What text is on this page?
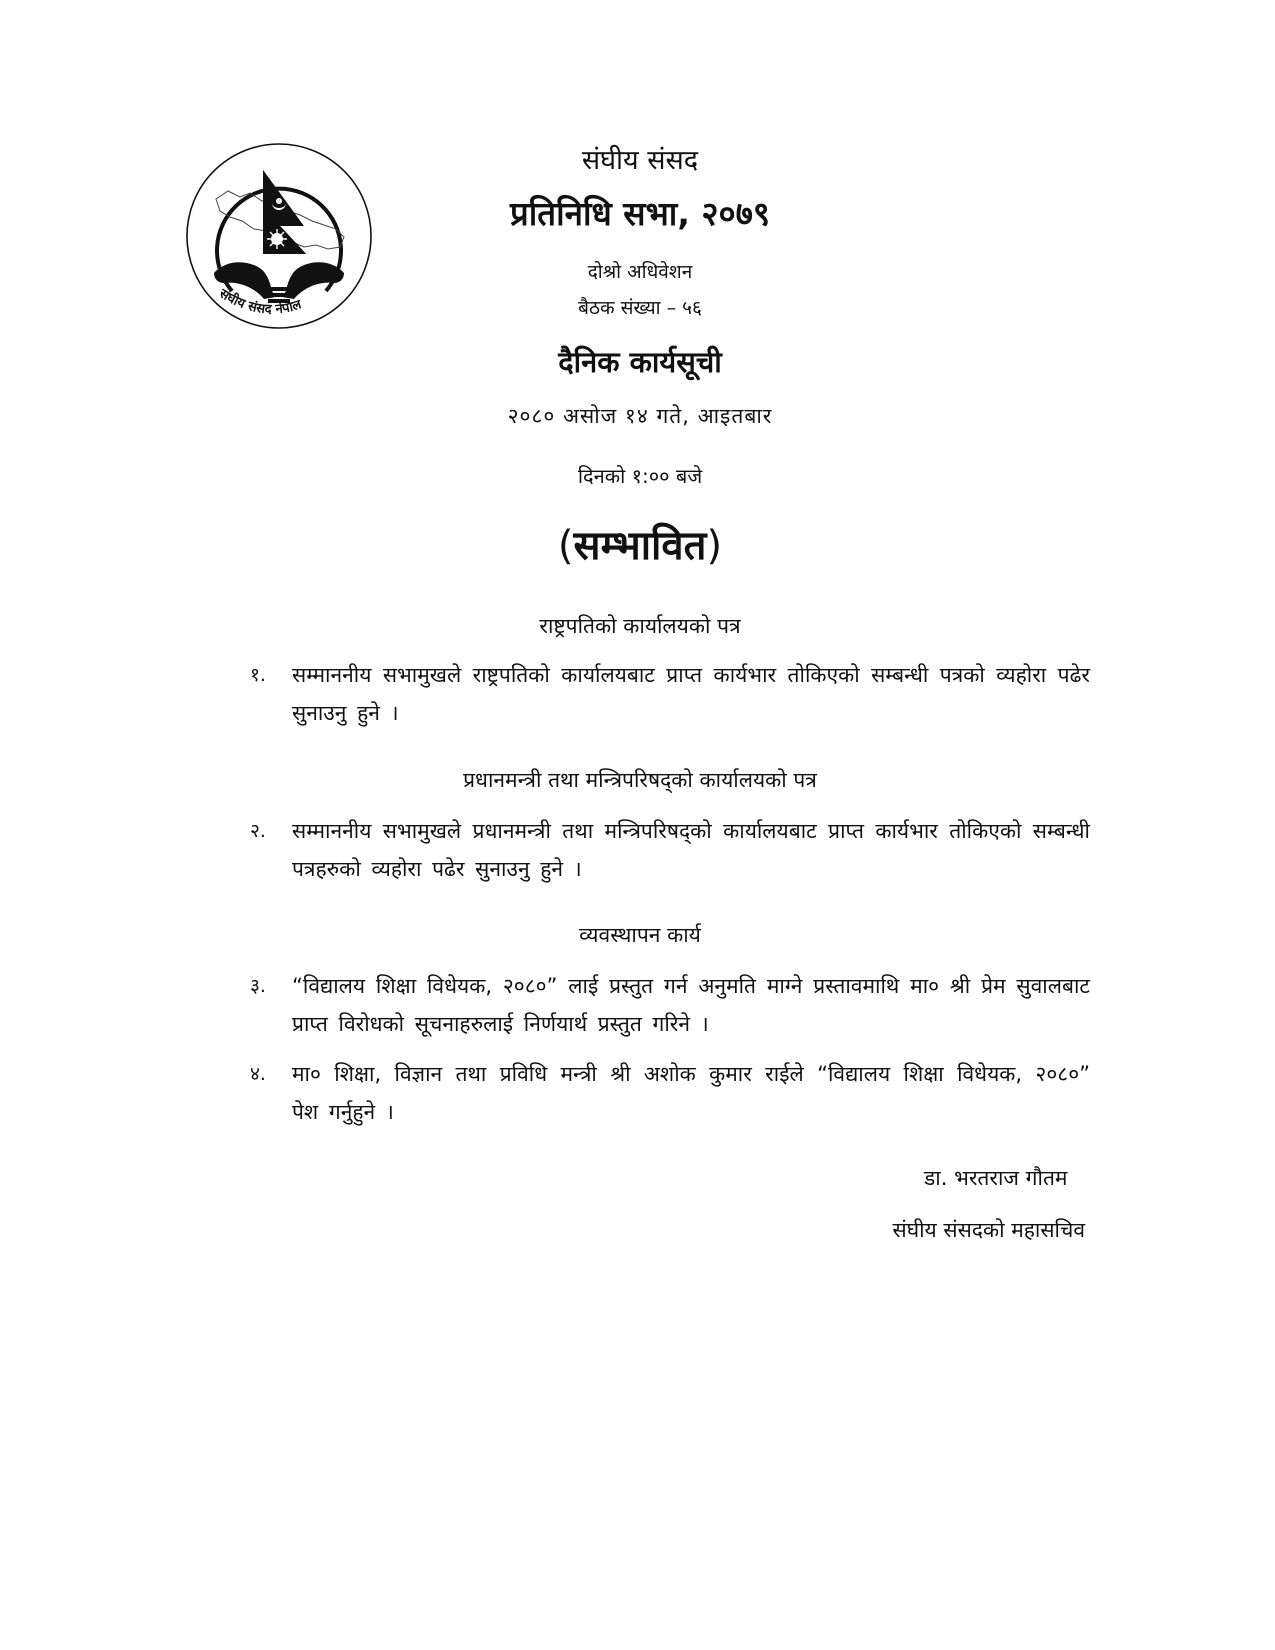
संघीय संसद नेपाल
संघीय संसद
प्रतिनिधि सभा, २०७९
दोश्रो अधिवेशन
बैठक संख्या – ५६
दैनिक कार्यसूची
२०८० असोज १४ गते, आइतबार
दिनको १:०० बजे
(सम्भावित)
राष्ट्रपतिको कार्यालयको पत्र
१.	सम्माननीय सभामुखले राष्ट्रपतिको कार्यालयबाट प्राप्त कार्यभार तोकिएको सम्बन्धी पत्रको व्यहोरा पढेर सुनाउनु हुने ।
प्रधानमन्त्री तथा मन्त्रिपरिषद्को कार्यालयको पत्र
२.	सम्माननीय सभामुखले प्रधानमन्त्री तथा मन्त्रिपरिषद्को कार्यालयबाट प्राप्त कार्यभार तोकिएको सम्बन्धी पत्रहरुको व्यहोरा पढेर सुनाउनु हुने ।
व्यवस्थापन कार्य
३.	“विद्यालय शिक्षा विधेयक, २०८०” लाई प्रस्तुत गर्न अनुमति माग्ने प्रस्तावमाथि मा० श्री प्रेम सुवालबाट प्राप्त विरोधको सूचनाहरुलाई निर्णयार्थ प्रस्तुत गरिने ।
४.	मा० शिक्षा, विज्ञान तथा प्रविधि मन्त्री श्री अशोक कुमार राईले “विद्यालय शिक्षा विधेयक, २०८०” पेश गर्नुहुने ।
डा. भरतराज गौतम
संघीय संसदको महासचिव
